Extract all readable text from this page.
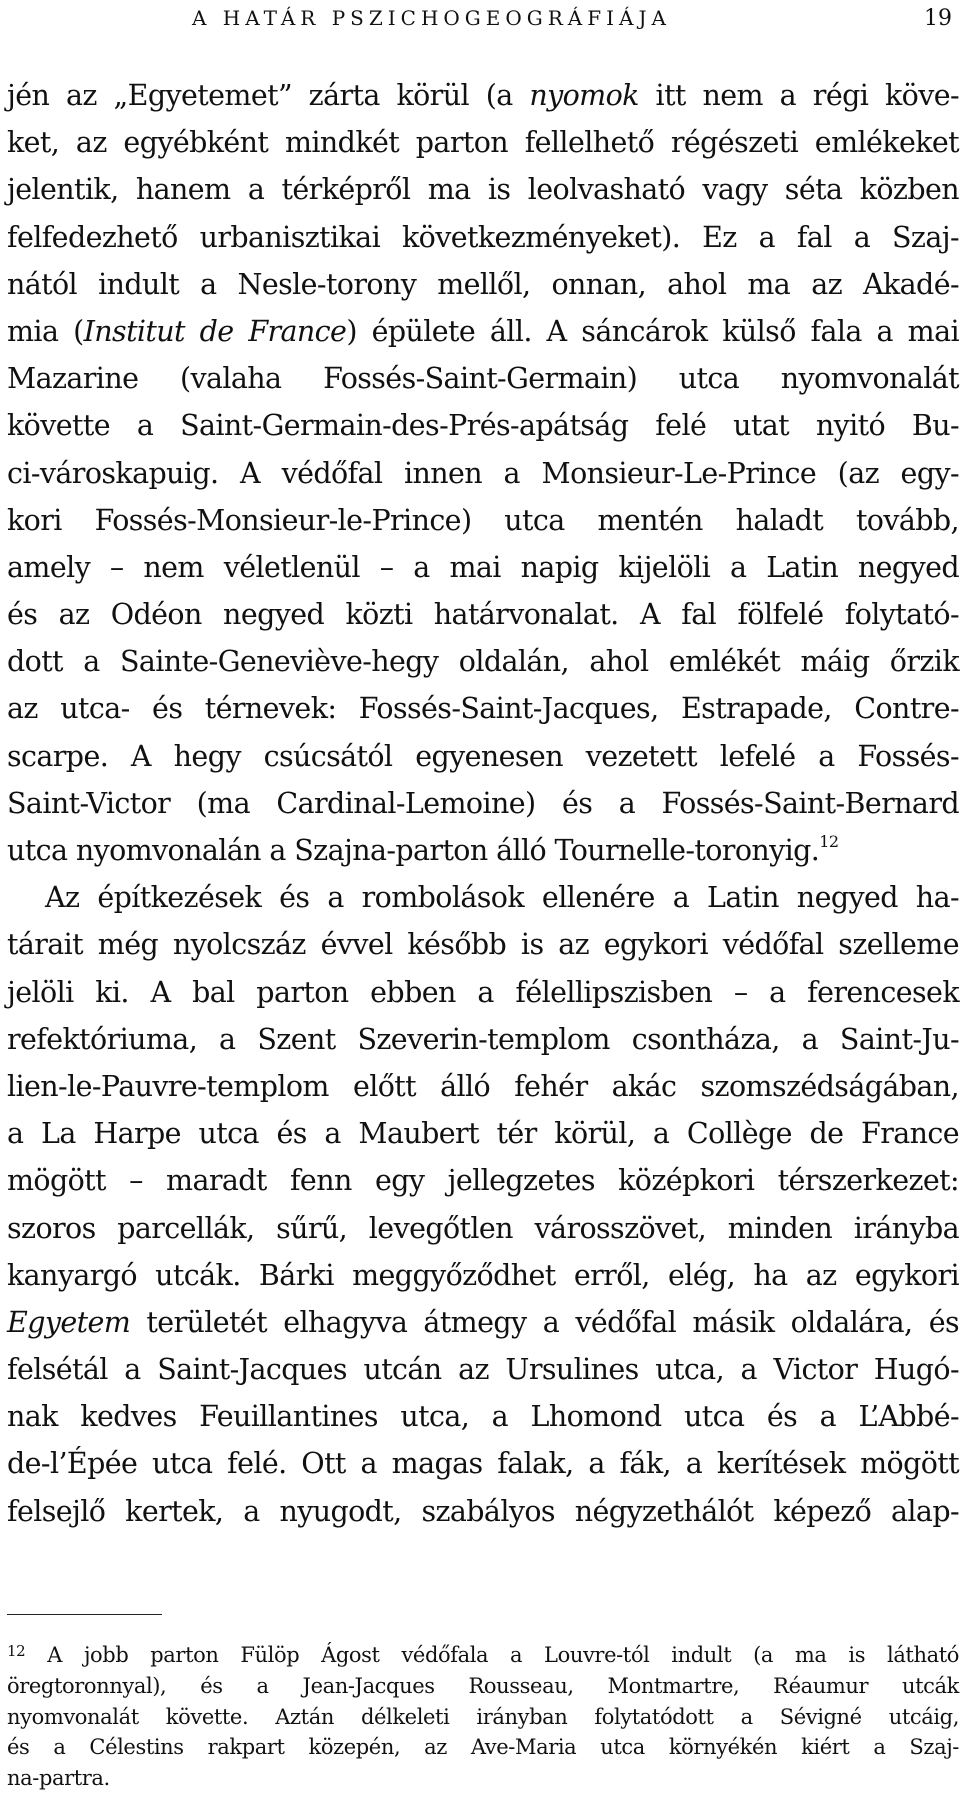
A HATÁR PSZICHOGEOGRÁFIÁJA	19
jén az „Egyetemet” zárta körül (a nyomok itt nem a régi köve-
ket, az egyébként mindkét parton fellelhető régészeti emlékeket
jelentik, hanem a térképről ma is leolvasható vagy séta közben
felfedezhető urbanisztikai következményeket). Ez a fal a Szaj-
nától indult a Nesle-torony mellől, onnan, ahol ma az Akadé-
mia (Institut de France) épülete áll. A sáncárok külső fala a mai
Mazarine (valaha Fossés-Saint-Germain) utca nyomvonalát
követte a Saint-Germain-des-Prés-apátság felé utat nyitó Bu-
ci-városkapuig. A védőfal innen a Monsieur-Le-Prince (az egy-
kori Fossés-Monsieur-le-Prince) utca mentén haladt tovább,
amely – nem véletlenül – a mai napig kijelöli a Latin negyed
és az Odéon negyed közti határvonalat. A fal fölfelé folytató-
dott a Sainte-Geneviève-hegy oldalán, ahol emlékét máig őrzik
az utca- és térnevek: Fossés-Saint-Jacques, Estrapade, Contre-
scarpe. A hegy csúcsától egyenesen vezetett lefelé a Fossés-
Saint-Victor (ma Cardinal-Lemoine) és a Fossés-Saint-Bernard
utca nyomvonalán a Szajna-parton álló Tournelle-toronyig.$^{12}$
Az építkezések és a rombolások ellenére a Latin negyed ha-
tárait még nyolcszáz évvel később is az egykori védőfal szelleme
jelöli ki. A bal parton ebben a félellipszisben – a ferencesek
refektóriuma, a Szent Szeverin-templom csontháza, a Saint-Ju-
lien-le-Pauvre-templom előtt álló fehér akác szomszédságában,
a La Harpe utca és a Maubert tér körül, a Collège de France
mögött – maradt fenn egy jellegzetes középkori térszerkezet:
szoros parcellák, sűrű, levegőtlen városszövet, minden irányba
kanyargó utcák. Bárki meggyőződhet erről, elég, ha az egykori
Egyetem területét elhagyva átmegy a védőfal másik oldalára, és
felsétál a Saint-Jacques utcán az Ursulines utca, a Victor Hugó-
nak kedves Feuillantines utca, a Lhomond utca és a L’Abbé-
de-l’Épée utca felé. Ott a magas falak, a fák, a kerítések mögött
felsejlő kertek, a nyugodt, szabályos négyzethálót képező alap-
$^{12}$ A jobb parton Fülöp Ágost védőfala a Louvre-tól indult (a ma is látható
öregtoronnyal), és a Jean-Jacques Rousseau, Montmartre, Réaumur utcák
nyomvonalát követte. Aztán délkeleti irányban folytatódott a Sévigné utcáig,
és a Célestins rakpart közepén, az Ave-Maria utca környékén kiért a Szaj-
na-partra.
